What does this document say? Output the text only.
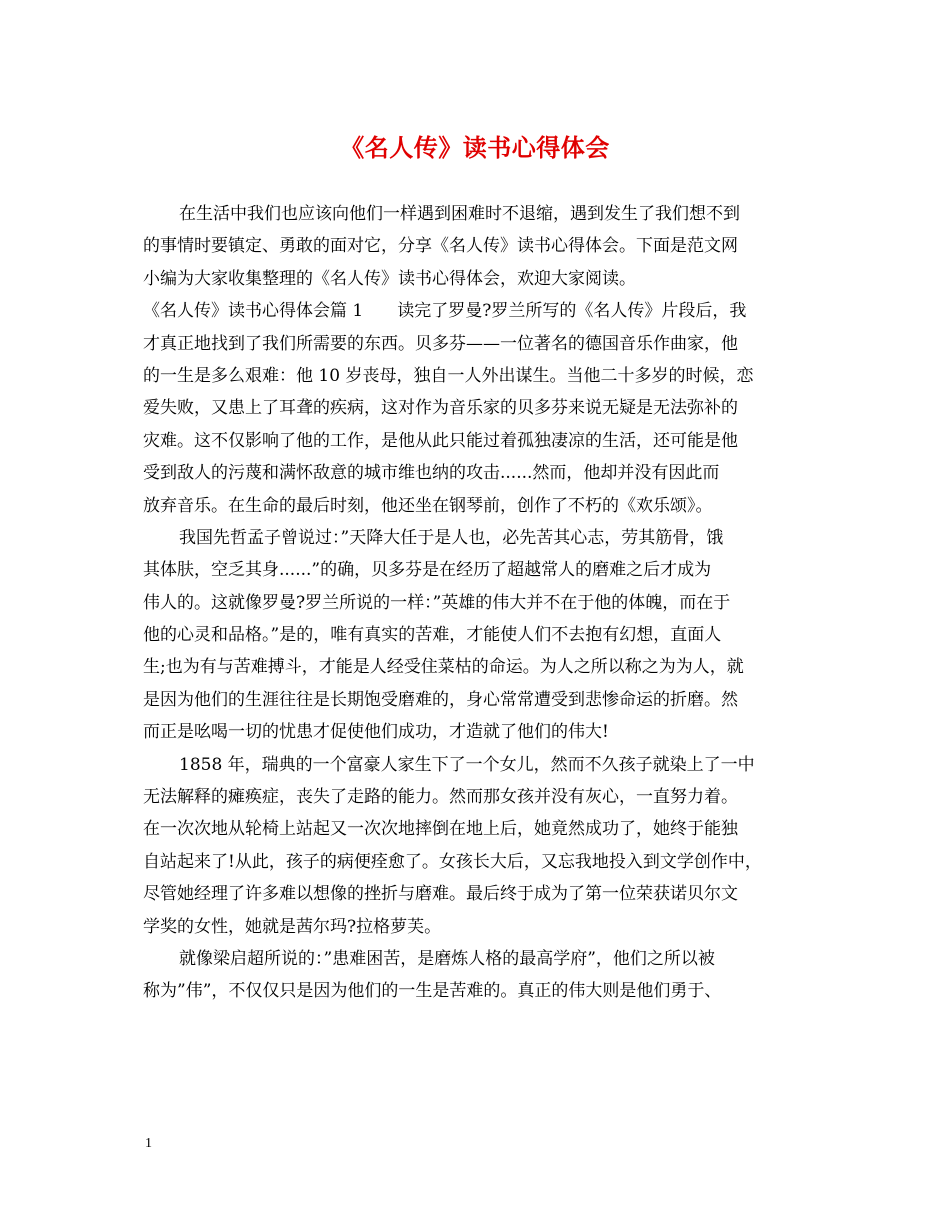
《名人传》读书心得体会
在生活中我们也应该向他们一样遇到困难时不退缩，遇到发生了我们想不到
的事情时要镇定、勇敢的面对它，分享《名人传》读书心得体会。下面是范文网
小编为大家收集整理的《名人传》读书心得体会，欢迎大家阅读。
《名人传》读书心得体会篇 1　　读完了罗曼?罗兰所写的《名人传》片段后，我
才真正地找到了我们所需要的东西。贝多芬——一位著名的德国音乐作曲家，他
的一生是多么艰难：他 10 岁丧母，独自一人外出谋生。当他二十多岁的时候，恋
爱失败，又患上了耳聋的疾病，这对作为音乐家的贝多芬来说无疑是无法弥补的
灾难。这不仅影响了他的工作，是他从此只能过着孤独凄凉的生活，还可能是他
受到敌人的污蔑和满怀敌意的城市维也纳的攻击......然而，他却并没有因此而
放弃音乐。在生命的最后时刻，他还坐在钢琴前，创作了不朽的《欢乐颂》。
我国先哲孟子曾说过：”天降大任于是人也，必先苦其心志，劳其筋骨，饿
其体肤，空乏其身......”的确，贝多芬是在经历了超越常人的磨难之后才成为
伟人的。这就像罗曼?罗兰所说的一样：”英雄的伟大并不在于他的体魄，而在于
他的心灵和品格。”是的，唯有真实的苦难，才能使人们不去抱有幻想，直面人
生;也为有与苦难搏斗，才能是人经受住菜枯的命运。为人之所以称之为为人，就
是因为他们的生涯往往是长期饱受磨难的，身心常常遭受到悲惨命运的折磨。然
而正是吆喝一切的忧患才促使他们成功，才造就了他们的伟大!
1858 年，瑞典的一个富豪人家生下了一个女儿，然而不久孩子就染上了一中
无法解释的瘫痪症，丧失了走路的能力。然而那女孩并没有灰心，一直努力着。
在一次次地从轮椅上站起又一次次地摔倒在地上后，她竟然成功了，她终于能独
自站起来了!从此，孩子的病便痊愈了。女孩长大后，又忘我地投入到文学创作中，
尽管她经理了许多难以想像的挫折与磨难。最后终于成为了第一位荣获诺贝尔文
学奖的女性，她就是茜尔玛?拉格萝芙。
就像梁启超所说的：”患难困苦，是磨炼人格的最高学府”，他们之所以被
称为”伟”，不仅仅只是因为他们的一生是苦难的。真正的伟大则是他们勇于、
1
